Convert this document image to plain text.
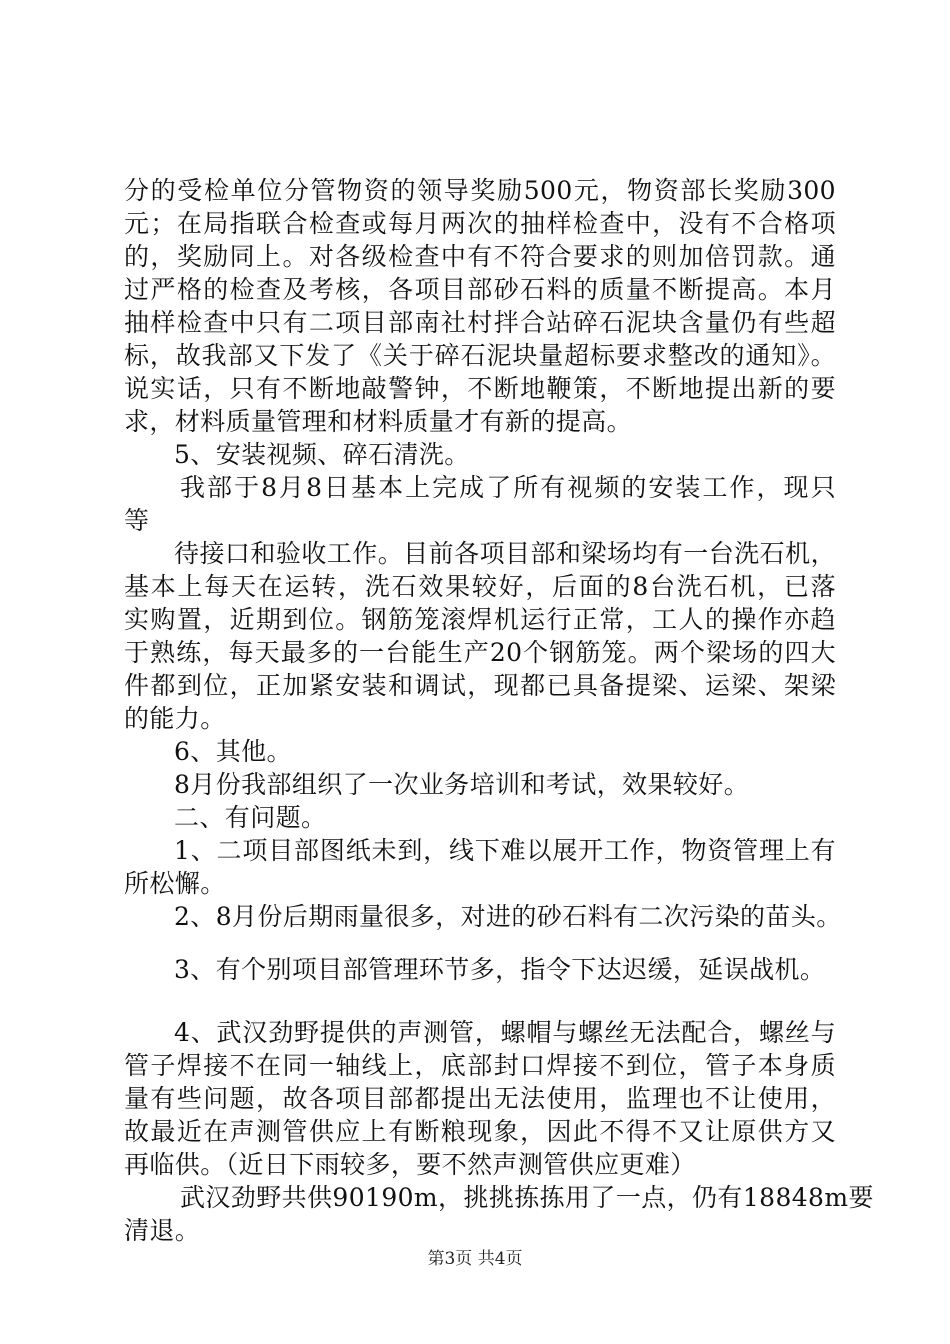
分的受检单位分管物资的领导奖励500元，物资部长奖励300
元；在局指联合检查或每月两次的抽样检查中，没有不合格项
的，奖励同上。对各级检查中有不符合要求的则加倍罚款。通
过严格的检查及考核，各项目部砂石料的质量不断提高。本月
抽样检查中只有二项目部南社村拌合站碎石泥块含量仍有些超
标，故我部又下发了《关于碎石泥块量超标要求整改的通知》。
说实话，只有不断地敲警钟，不断地鞭策，不断地提出新的要
求，材料质量管理和材料质量才有新的提高。
5、安装视频、碎石清洗。
我部于8月8日基本上完成了所有视频的安装工作，现只
等
待接口和验收工作。目前各项目部和梁场均有一台洗石机，
基本上每天在运转，洗石效果较好，后面的8台洗石机，已落
实购置，近期到位。钢筋笼滚焊机运行正常，工人的操作亦趋
于熟练，每天最多的一台能生产20个钢筋笼。两个梁场的四大
件都到位，正加紧安装和调试，现都已具备提梁、运梁、架梁
的能力。
6、其他。
8月份我部组织了一次业务培训和考试，效果较好。
二、有问题。
1、二项目部图纸未到，线下难以展开工作，物资管理上有
所松懈。
2、8月份后期雨量很多，对进的砂石料有二次污染的苗头。
3、有个别项目部管理环节多，指令下达迟缓，延误战机。
4、武汉劲野提供的声测管，螺帽与螺丝无法配合，螺丝与
管子焊接不在同一轴线上，底部封口焊接不到位，管子本身质
量有些问题，故各项目部都提出无法使用，监理也不让使用，
故最近在声测管供应上有断粮现象，因此不得不又让原供方又
再临供。（近日下雨较多，要不然声测管供应更难）
武汉劲野共供90190m，挑挑拣拣用了一点，仍有18848m要
清退。
第3页 共4页
